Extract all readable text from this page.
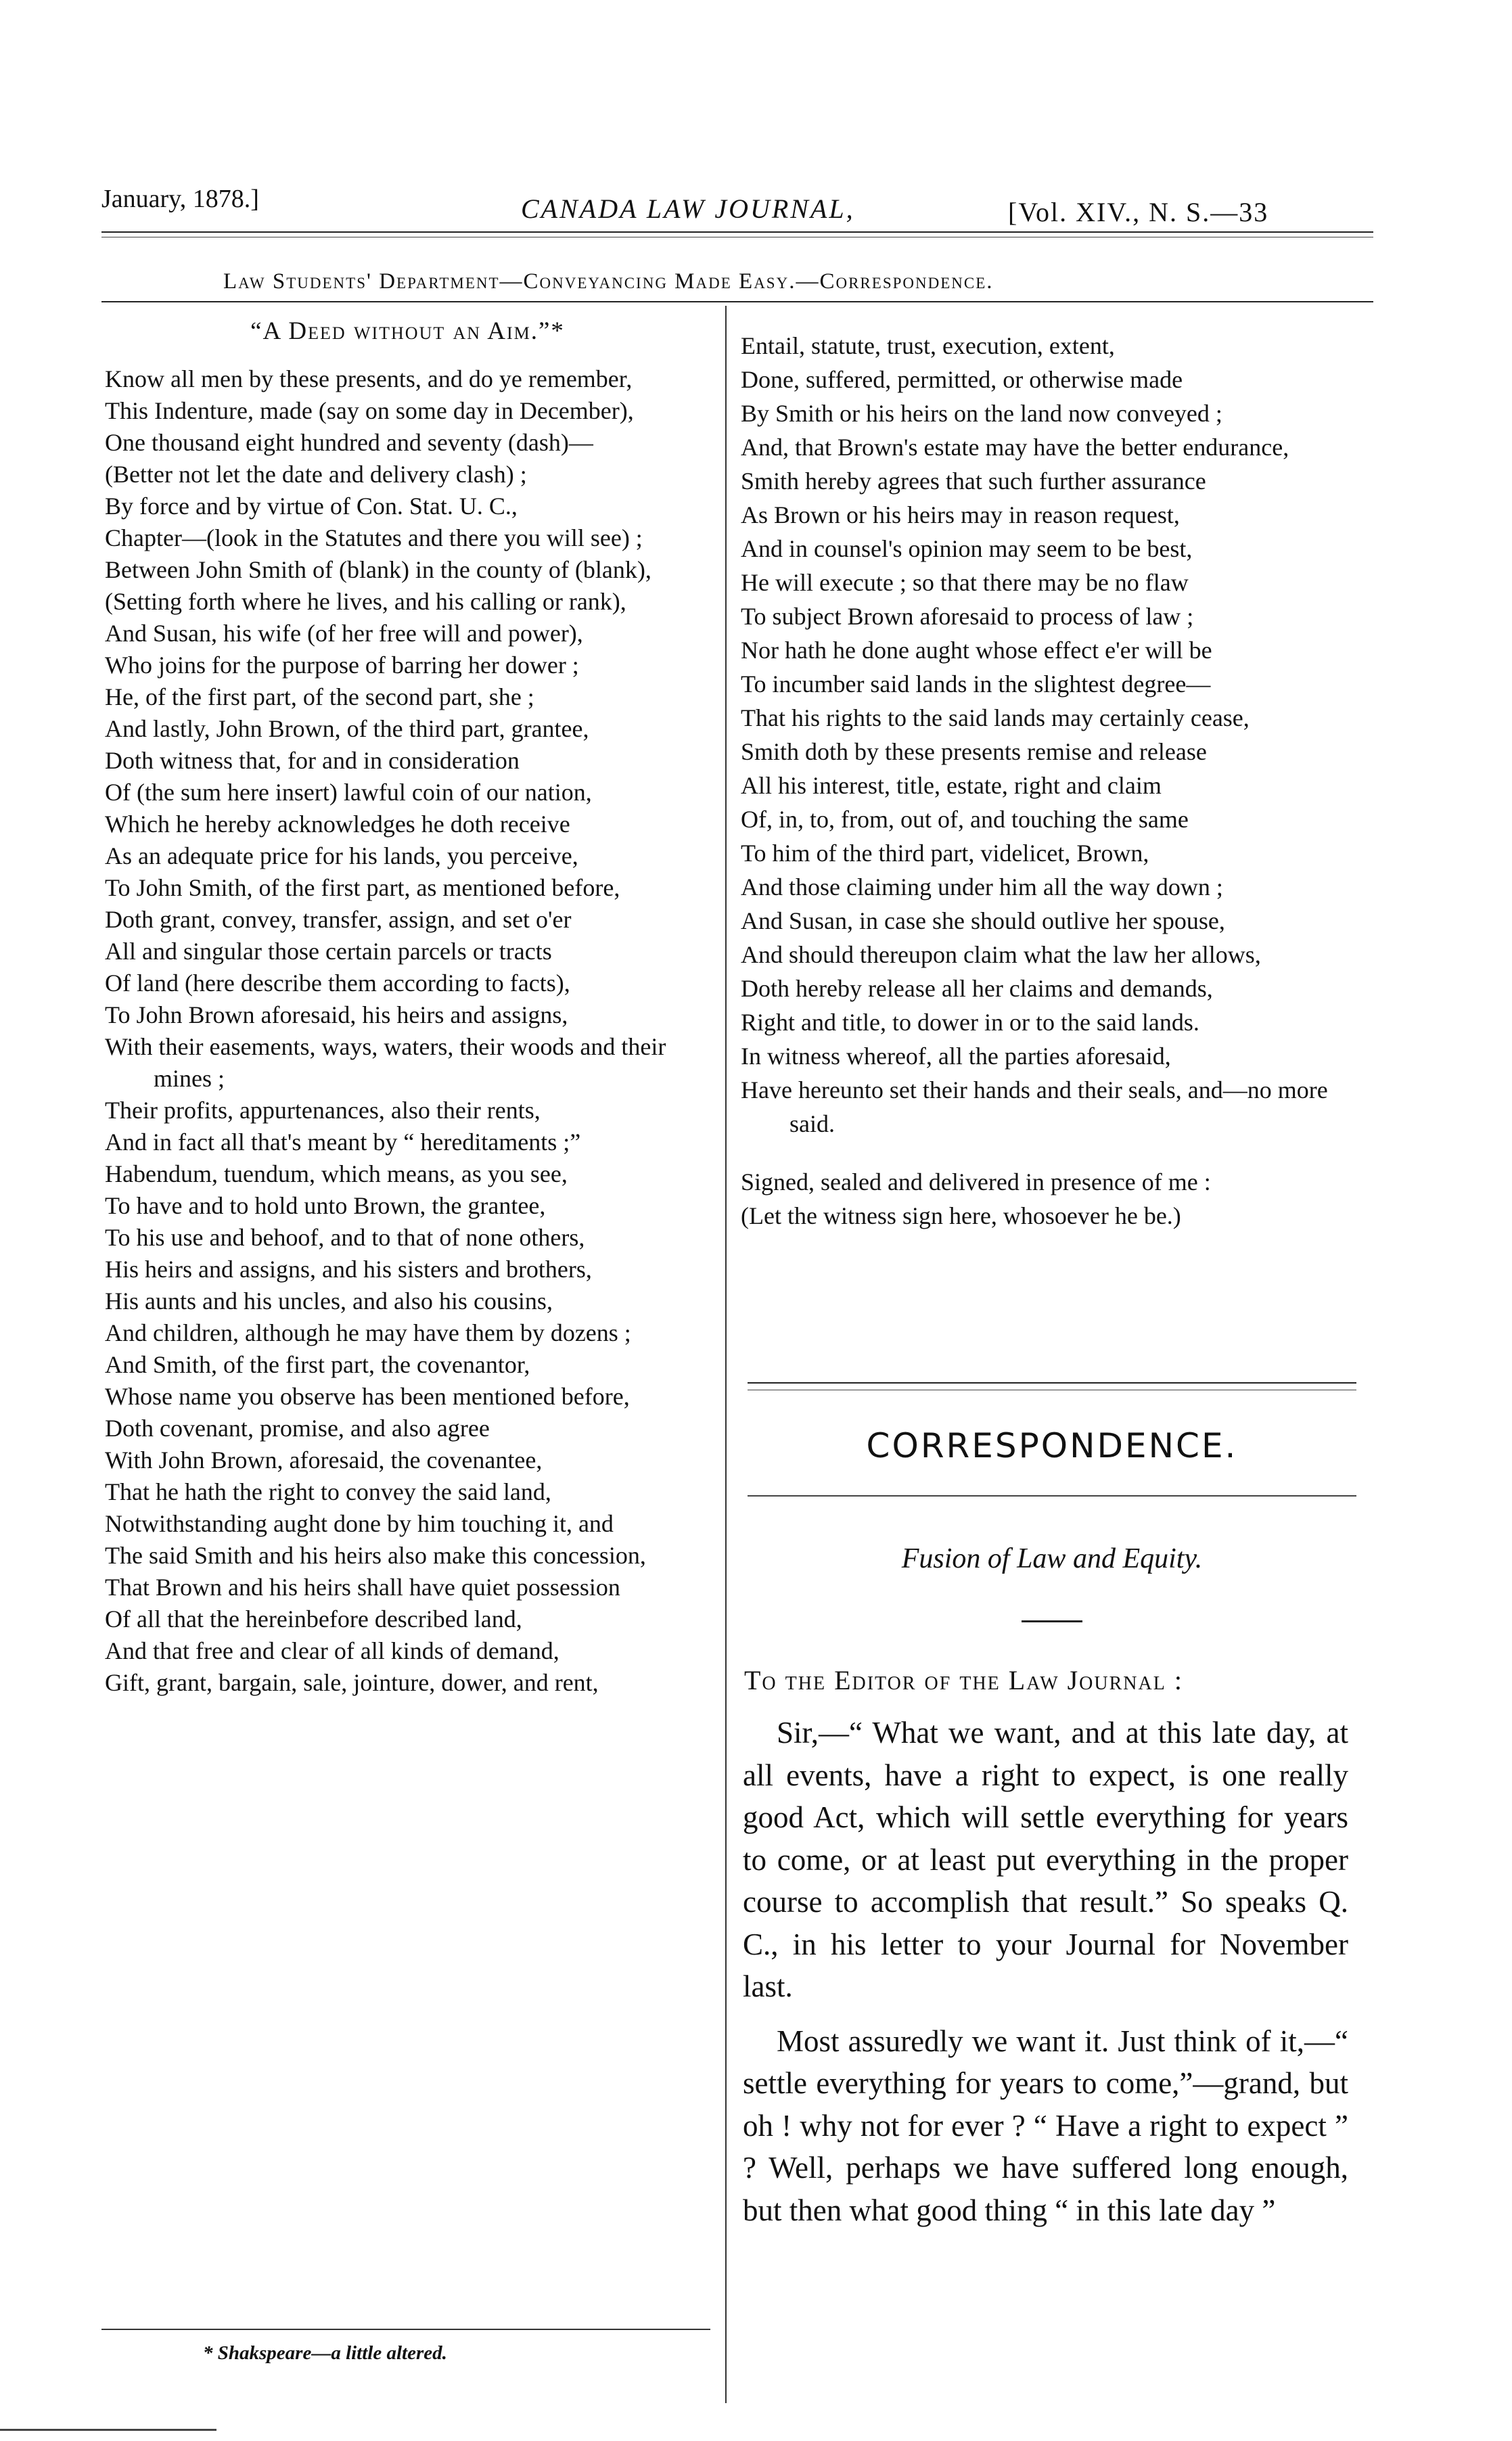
January, 1878.]	CANADA LAW JOURNAL,	[Vol. XIV., N. S.—33
Law Students' Department—Conveyancing Made Easy.—Correspondence.

“A Deed without an Aim.”*

Know all men by these presents, and do ye remember,

This Indenture, made (say on some day in December),

One thousand eight hundred and seventy (dash)—

(Better not let the date and delivery clash) ;

By force and by virtue of Con. Stat. U. C.,

Chapter—(look in the Statutes and there you will see) ;

Between John Smith of (blank) in the county of (blank),

(Setting forth where he lives, and his calling or rank),

And Susan, his wife (of her free will and power),

Who joins for the purpose of barring her dower ;

He, of the first part, of the second part, she ;

And lastly, John Brown, of the third part, grantee,

Doth witness that, for and in consideration

Of (the sum here insert) lawful coin of our nation,

Which he hereby acknowledges he doth receive

As an adequate price for his lands, you perceive,

To John Smith, of the first part, as mentioned before,

Doth grant, convey, transfer, assign, and set o'er

All and singular those certain parcels or tracts

Of land (here describe them according to facts),

To John Brown aforesaid, his heirs and assigns,

With their easements, ways, waters, their woods and their mines ;

Their profits, appurtenances, also their rents,

And in fact all that's meant by “ hereditaments ;”

Habendum, tuendum, which means, as you see,

To have and to hold unto Brown, the grantee,

To his use and behoof, and to that of none others,

His heirs and assigns, and his sisters and brothers,

His aunts and his uncles, and also his cousins,

And children, although he may have them by dozens ;

And Smith, of the first part, the covenantor,

Whose name you observe has been mentioned before,

Doth covenant, promise, and also agree

With John Brown, aforesaid, the covenantee,

That he hath the right to convey the said land,

Notwithstanding aught done by him touching it, and

The said Smith and his heirs also make this concession,

That Brown and his heirs shall have quiet possession

Of all that the hereinbefore described land,

And that free and clear of all kinds of demand,

Gift, grant, bargain, sale, jointure, dower, and rent,

* Shakspeare—a little altered.

Entail, statute, trust, execution, extent,

Done, suffered, permitted, or otherwise made

By Smith or his heirs on the land now conveyed ;

And, that Brown's estate may have the better endurance,

Smith hereby agrees that such further assurance

As Brown or his heirs may in reason request,

And in counsel's opinion may seem to be best,

He will execute ; so that there may be no flaw

To subject Brown aforesaid to process of law ;

Nor hath he done aught whose effect e'er will be

To incumber said lands in the slightest degree—

That his rights to the said lands may certainly cease,

Smith doth by these presents remise and release

All his interest, title, estate, right and claim

Of, in, to, from, out of, and touching the same

To him of the third part, videlicet, Brown,

And those claiming under him all the way down ;

And Susan, in case she should outlive her spouse,

And should thereupon claim what the law her allows,

Doth hereby release all her claims and demands,

Right and title, to dower in or to the said lands.

In witness whereof, all the parties aforesaid,

Have hereunto set their hands and their seals, and—no more said.

Signed, sealed and delivered in presence of me :

(Let the witness sign here, whosoever he be.)

CORRESPONDENCE.
Fusion of Law and Equity.
To the Editor of the Law Journal :

Sir,—“ What we want, and at this late day, at all events, have a right to expect, is one really good Act, which will settle everything for years to come, or at least put everything in the proper course to accomplish that result.” So speaks Q. C., in his letter to your Journal for November last.

Most assuredly we want it. Just think of it,—“ settle everything for years to come,”—grand, but oh ! why not for ever ? “ Have a right to expect ” ? Well, perhaps we have suffered long enough, but then what good thing “ in this late day ”
